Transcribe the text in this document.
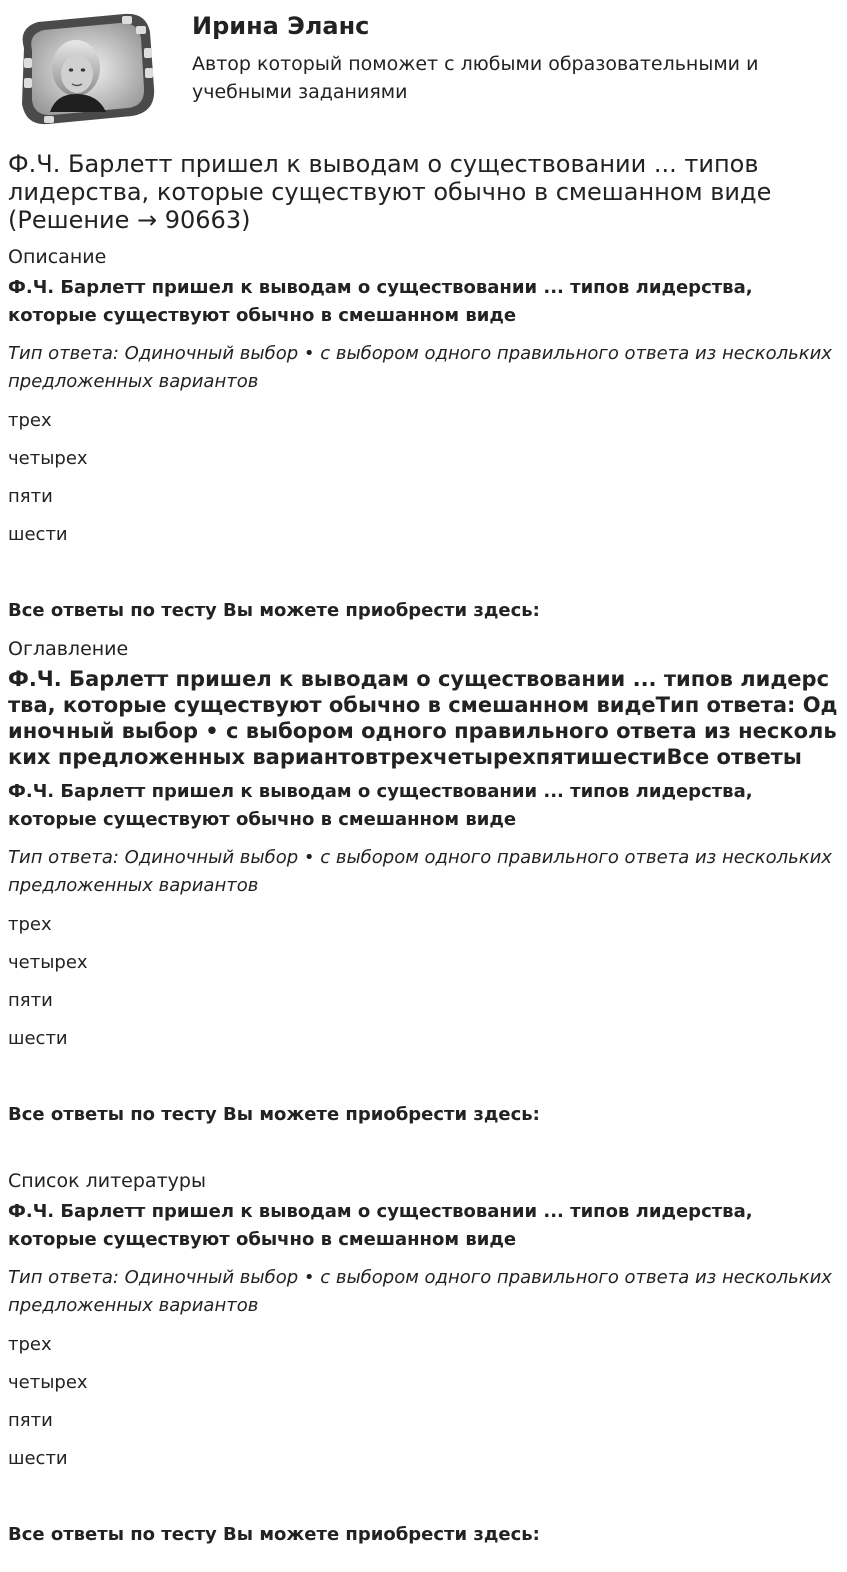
Ирина Эланс
Автор который поможет с любыми образовательными и учебными заданиями
Ф.Ч. Барлетт пришел к выводам о существовании ... типов лидерства, которые существуют обычно в смешанном виде (Решение → 90663)
Описание
Ф.Ч. Барлетт пришел к выводам о существовании ... типов лидерства, которые существуют обычно в смешанном виде
Тип ответа: Одиночный выбор • с выбором одного правильного ответа из нескольких предложенных вариантов
трех
четырех
пяти
шести
Все ответы по тесту Вы можете приобрести здесь:
Оглавление
Ф.Ч. Барлетт пришел к выводам о существовании ... типов лидерства, которые существуют обычно в смешанном видеТип ответа: Одиночный выбор • с выбором одного правильного ответа из нескольких предложенных вариантовтрехчетырехпятишестиВсе ответы
Ф.Ч. Барлетт пришел к выводам о существовании ... типов лидерства, которые существуют обычно в смешанном виде
Тип ответа: Одиночный выбор • с выбором одного правильного ответа из нескольких предложенных вариантов
трех
четырех
пяти
шести
Все ответы по тесту Вы можете приобрести здесь:
Список литературы
Ф.Ч. Барлетт пришел к выводам о существовании ... типов лидерства, которые существуют обычно в смешанном виде
Тип ответа: Одиночный выбор • с выбором одного правильного ответа из нескольких предложенных вариантов
трех
четырех
пяти
шести
Все ответы по тесту Вы можете приобрести здесь:
